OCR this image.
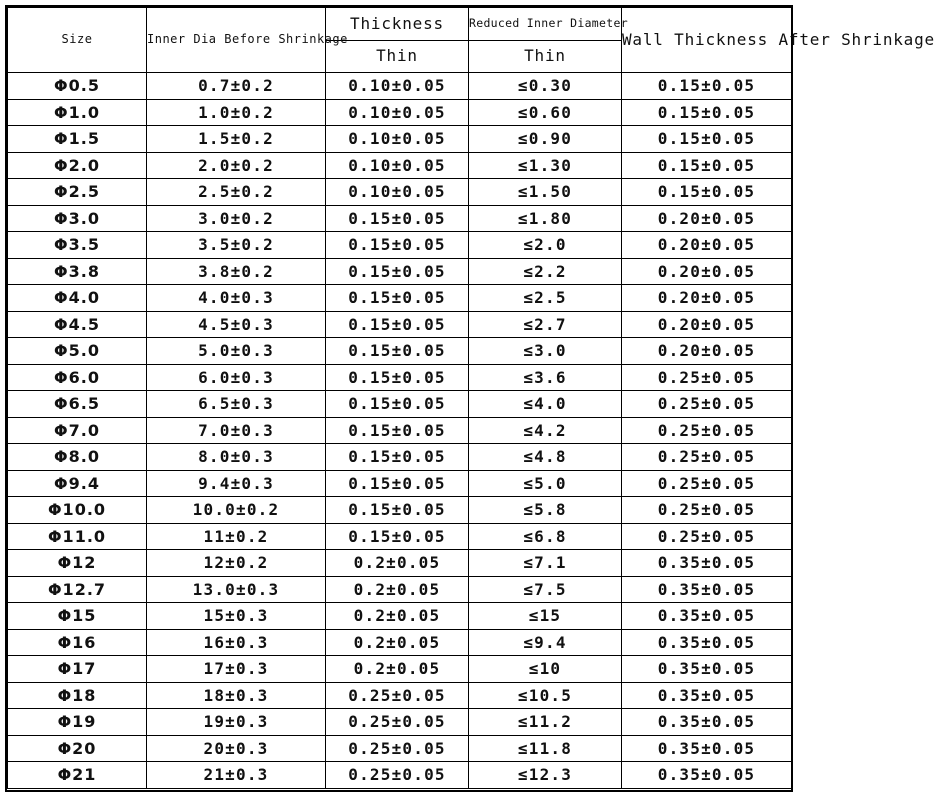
Size	Inner Dia Before Shrinkage	Thickness	Reduced Inner Diameter	Wall Thickness After Shrinkage
		Thin	Thin	
Φ0.5	0.7±0.2	0.10±0.05	≤0.30	0.15±0.05
Φ1.0	1.0±0.2	0.10±0.05	≤0.60	0.15±0.05
Φ1.5	1.5±0.2	0.10±0.05	≤0.90	0.15±0.05
Φ2.0	2.0±0.2	0.10±0.05	≤1.30	0.15±0.05
Φ2.5	2.5±0.2	0.10±0.05	≤1.50	0.15±0.05
Φ3.0	3.0±0.2	0.15±0.05	≤1.80	0.20±0.05
Φ3.5	3.5±0.2	0.15±0.05	≤2.0	0.20±0.05
Φ3.8	3.8±0.2	0.15±0.05	≤2.2	0.20±0.05
Φ4.0	4.0±0.3	0.15±0.05	≤2.5	0.20±0.05
Φ4.5	4.5±0.3	0.15±0.05	≤2.7	0.20±0.05
Φ5.0	5.0±0.3	0.15±0.05	≤3.0	0.20±0.05
Φ6.0	6.0±0.3	0.15±0.05	≤3.6	0.25±0.05
Φ6.5	6.5±0.3	0.15±0.05	≤4.0	0.25±0.05
Φ7.0	7.0±0.3	0.15±0.05	≤4.2	0.25±0.05
Φ8.0	8.0±0.3	0.15±0.05	≤4.8	0.25±0.05
Φ9.4	9.4±0.3	0.15±0.05	≤5.0	0.25±0.05
Φ10.0	10.0±0.2	0.15±0.05	≤5.8	0.25±0.05
Φ11.0	11±0.2	0.15±0.05	≤6.8	0.25±0.05
Φ12	12±0.2	0.2±0.05	≤7.1	0.35±0.05
Φ12.7	13.0±0.3	0.2±0.05	≤7.5	0.35±0.05
Φ15	15±0.3	0.2±0.05	≤15	0.35±0.05
Φ16	16±0.3	0.2±0.05	≤9.4	0.35±0.05
Φ17	17±0.3	0.2±0.05	≤10	0.35±0.05
Φ18	18±0.3	0.25±0.05	≤10.5	0.35±0.05
Φ19	19±0.3	0.25±0.05	≤11.2	0.35±0.05
Φ20	20±0.3	0.25±0.05	≤11.8	0.35±0.05
Φ21	21±0.3	0.25±0.05	≤12.3	0.35±0.05
